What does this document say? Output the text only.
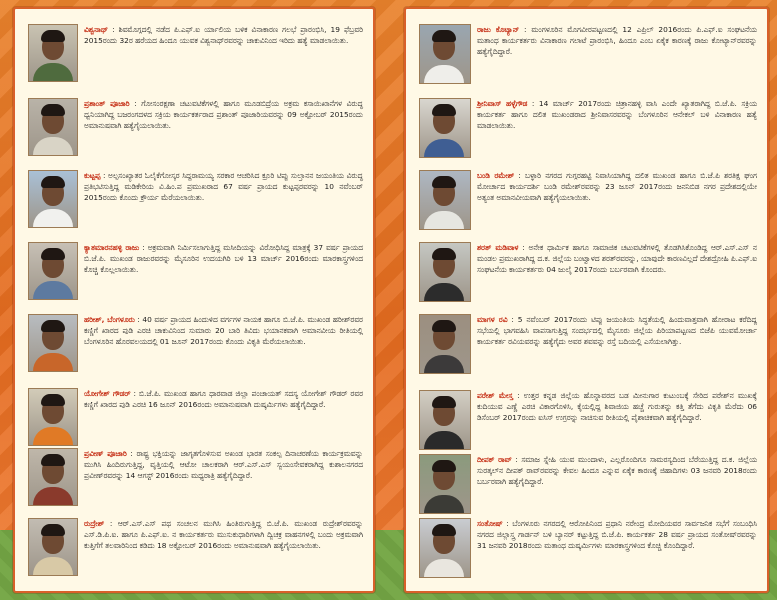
ವಿಶ್ವನಾಥ್ : ಶಿವಮೊಗ್ಗದಲ್ಲಿ ನಡೆದ ಪಿ.ಎಫ್.ಐ ರ್ಯಾಲಿಯ ಬಳಿಕ ವಿನಾಕಾರಣ ಗಲಭೆ ಪ್ರಾರಂಭಿಸಿ, 19 ಫೆಬ್ರವರಿ 2015ರಂದು 32ರ ಹರೆಯದ ಹಿಂದೂ ಯುವಕ ವಿಶ್ವನಾಥ್‌ರವರನ್ನು ಚಾಕುವಿನಿಂದ ಇರಿದು ಹತ್ಯೆ ಮಾಡಲಾಯಿತು.
ಪ್ರಶಾಂತ್ ಪೂಜಾರಿ : ಗೋಸಂರಕ್ಷಣಾ ಚಟುವಟಿಕೆಗಳಲ್ಲಿ ಹಾಗೂ ಮೂಡಬಿದ್ರೆಯ ಅಕ್ರಮ ಕಸಾಯಿಖಾನೆಗಳ ವಿರುದ್ಧ ಧ್ವನಿಯಾಗಿದ್ದ ಬಜರಂಗದಳದ ಸಕ್ರಿಯ ಕಾರ್ಯಕರ್ತರಾದ ಪ್ರಶಾಂತ್ ಪೂಜಾರಿಯವರನ್ನು 09 ಅಕ್ಟೋಬರ್ 2015ರಂದು ಅಮಾನುಷವಾಗಿ ಹತ್ಯೆಗೈಯಲಾಯಿತು.
ಕುಟ್ಟಪ್ಪ : ಅಲ್ಪಸಂಖ್ಯಾತರ ಓಲೈಕೆಗೋಸ್ಕರ ಸಿದ್ದರಾಮಯ್ಯ ಸರಕಾರ ಆಚರಿಸಿದ ಕ್ರೂರಿ ಟಿಪ್ಪು ಸುಲ್ತಾನನ ಜಯಂತಿಯ ವಿರುದ್ಧ ಪ್ರತಿಭಟಿಸುತ್ತಿದ್ದ ಮಡಿಕೇರಿಯ ವಿ.ಹಿಂ.ಪ ಪ್ರಮುಖರಾದ 67 ವರ್ಷ ಪ್ರಾಯದ ಕುಟ್ಟಪ್ಪರವರನ್ನು 10 ನವೆಂಬರ್ 2015ರಂದು ಕೊಂದು ಕ್ರೌರ್ಯ ಮೆರೆಯಲಾಯಿತು.
ಕ್ಯಾತಮಾರನಹಳ್ಳಿ ರಾಜು : ಅಕ್ರಮವಾಗಿ ನಿರ್ಮಿಸಲಾಗುತ್ತಿದ್ದ ಮಸೀದಿಯನ್ನು ವಿರೋಧಿಸಿದ್ದ ಮಾತ್ರಕ್ಕೆ 37 ವರ್ಷ ಪ್ರಾಯದ ಬಿ.ಜೆ.ಪಿ. ಮುಖಂಡ ರಾಜುರವರನ್ನು ಮೈಸೂರಿನ ಉದಯಗಿರಿ ಬಳಿ 13 ಮಾರ್ಚ್ 2016ರಂದು ಮಾರಕಾಸ್ತ್ರಗಳಿಂದ ಕೊಚ್ಚಿ ಕೊಲ್ಲಲಾಯಿತು.
ಹರೀಶ್, ಬೆಂಗಳೂರು : 40 ವರ್ಷ ಪ್ರಾಯದ ಹಿಂದುಳಿದ ವರ್ಗಗಳ ನಾಯಕ ಹಾಗೂ ಬಿ.ಜೆ.ಪಿ. ಮುಖಂಡ ಹರೀಶ್‌ರವರ ಕಣ್ಣಿಗೆ ಖಾರದ ಪುಡಿ ಎರಚಿ ಚಾಕುವಿನಿಂದ ಸುಮಾರು 20 ಬಾರಿ ತಿವಿದು ಭಯಾನಕವಾಗಿ ಅಮಾನವೀಯ ರೀತಿಯಲ್ಲಿ ಬೆಂಗಳೂರಿನ ಹೊರವಲಯದಲ್ಲಿ 01 ಜೂನ್ 2017ರಂದು ಕೊಂದು ವಿಕೃತಿ ಮೆರೆಯಲಾಯಿತು.
ಯೋಗೇಶ್ ಗೌಡರ್ : ಬಿ.ಜೆ.ಪಿ. ಮುಖಂಡ ಹಾಗೂ ಧಾರವಾಡ ಜಿಲ್ಲಾ ಪಂಚಾಯತ್ ಸದಸ್ಯ ಯೋಗೇಶ್ ಗೌಡರ್ ರವರ ಕಣ್ಣಿಗೆ ಖಾರದ ಪುಡಿ ಎರಚಿ 16 ಜೂನ್ 2016ರಂದು ಅಮಾನುಷವಾಗಿ ದುಷ್ಕರ್ಮಿಗಳು ಹತ್ಯೆಗೈದಿದ್ದಾರೆ.
ಪ್ರವೀಣ್ ಪೂಜಾರಿ : ರಾಷ್ಟ್ರ ಭಕ್ತಿಯನ್ನು ಜಾಗೃತಗೊಳಿಸುವ ಅಖಂಡ ಭಾರತ ಸಂಕಲ್ಪ ದಿನಾಚರಣೆಯ ಕಾರ್ಯಕ್ರಮವನ್ನು ಮುಗಿಸಿ ಹಿಂದಿರುಗುತ್ತಿದ್ದ, ವೃತ್ತಿಯಲ್ಲಿ ಆಟೋ ಚಾಲಕರಾಗಿ ಆರ್.ಎಸ್.ಎಸ್ ಸ್ವಯಂಸೇವಕರಾಗಿದ್ದ ಕುಶಾಲನಗರದ ಪ್ರವೀಣ್‌ರವರನ್ನು 14 ಆಗಸ್ಟ್ 2016ರಂದು ಮಧ್ಯರಾತ್ರಿ ಹತ್ಯೆಗೈದಿದ್ದಾರೆ.
ರುದ್ರೇಶ್ : ಆರ್.ಎಸ್.ಎಸ್ ಪಥ ಸಂಚಲನ ಮುಗಿಸಿ ಹಿಂತಿರುಗುತ್ತಿದ್ದ ಬಿ.ಜೆ.ಪಿ. ಮುಖಂಡ ರುದ್ರೇಶ್‌ರವರನ್ನು ಎಸ್.ಡಿ.ಪಿ.ಐ. ಹಾಗೂ ಪಿ.ಎಫ್.ಐ. ನ ಕಾರ್ಯಕರ್ತರು ಮುಸುಕುಧಾರಿಗಳಾಗಿ ದ್ವಿಚಕ್ರ ವಾಹನಗಳಲ್ಲಿ ಬಂದು ಅಕ್ರಮವಾಗಿ ಕುತ್ತಿಗೆಗೆ ತಲವಾರಿನಿಂದ ಕಡಿದು 18 ಅಕ್ಟೋಬರ್ 2016ರಂದು ಅಮಾನುಷವಾಗಿ ಹತ್ಯೆಗೈಯಲಾಯಿತು.
ರಾಜು ಕೊಟ್ಯಾನ್ : ಮಂಗಳೂರಿನ ಮೊಗವೀರಪಟ್ಟಣದಲ್ಲಿ 12 ಎಪ್ರಿಲ್ 2016ರಂದು ಪಿ.ಎಫ್.ಐ ಸಂಘಟನೆಯ ಮತಾಂಧ ಕಾರ್ಯಕರ್ತರು ವಿನಾಕಾರಣ ಗಲಾಟೆ ಪ್ರಾರಂಭಿಸಿ, ಹಿಂದೂ ಎಂಬ ಏಕೈಕ ಕಾರಣಕ್ಕೆ ರಾಜು ಕೋಟ್ಯಾನ್‌ರವರನ್ನು ಹತ್ಯೆಗೈದಿದ್ದಾರೆ.
ಶ್ರೀನಿವಾಸ್ ಹಳ್ಳೆಗೌಡ : 14 ಮಾರ್ಚ್ 2017ರಂದು ಚಿತ್ರಾನಹಳ್ಳಿ ವಾಸಿ ಎಂದೇ ಖ್ಯಾತರಾಗಿದ್ದ ಬಿ.ಜೆ.ಪಿ. ಸಕ್ರಿಯ ಕಾರ್ಯಕರ್ತ ಹಾಗೂ ದಲಿತ ಮುಖಂಡರಾದ ಶ್ರೀನಿವಾಸರವರನ್ನು ಬೆಂಗಳೂರಿನ ಆನೇಕಲ್ ಬಳಿ ವಿನಾಕಾರಣ ಹತ್ಯೆ ಮಾಡಲಾಯಿತು.
ಬಂಡಿ ರಮೇಶ್ : ಬಳ್ಳಾರಿ ನಗರದ ಗುಗ್ಗರಹಟ್ಟಿ ನಿವಾಸಿಯಾಗಿದ್ದ ದಲಿತ ಮುಖಂಡ ಹಾಗೂ ಬಿ.ಜೆ.ಪಿ ಶರತಿಕ್ಷ ಘಂಗ ಮೋರ್ಚಾದ ಕಾರ್ಯದರ್ಶಿ ಬಂಡಿ ರಮೇಶ್‌ರವರನ್ನು 23 ಜೂನ್ 2017ರಂದು ಜನನಿಬಿಡ ನಗರ ಪ್ರದೇಶದಲ್ಲಿಯೇ ಅತ್ಯಂತ ಅಮಾನವೀಯವಾಗಿ ಹತ್ಯೆಗೈಯಲಾಯಿತು.
ಶರತ್ ಮಡಿವಾಳ : ಅನೇಕ ಧಾರ್ಮಿಕ ಹಾಗೂ ಸಾಮಾಜಿಕ ಚಟುವಟಿಕೆಗಳಲ್ಲಿ ತೊಡಗಿಸಿಕೊಂಡಿದ್ದ ಆರ್.ಎಸ್.ಎಸ್ ನ ಮಂಡಲ ಪ್ರಮುಖರಾಗಿದ್ದ ದ.ಕ. ಜಿಲ್ಲೆಯ ಬಂಟ್ವಾಳದ ಶರತ್‌ರವರನ್ನು, ಯಾವುದೇ ಕಾರಣವಿಲ್ಲದೆ ದೇಶದ್ರೋಹಿ ಪಿ.ಎಫ್.ಐ ಸಂಘಟನೆಯ ಕಾರ್ಯಕರ್ತರು 04 ಜುಲೈ 2017ರಂದು ಬರ್ಬರವಾಗಿ ಕೊಂದರು.
ಮಾಗಳ ರವಿ : 5 ನವೆಂಬರ್ 2017ರಂದು ಟಿಪ್ಪು ಜಯಂತಿಯ ಸಿದ್ಧತೆಯಲ್ಲಿ ಹಿಂದುವಾತ್ತವಾಗಿ ಹೋರಾಟ ಕರೆದಿದ್ದ ಸಭೆಯಲ್ಲಿ ಭಾಗವಹಿಸಿ ವಾಪಸಾಗುತ್ತಿದ್ದ ಸಂದರ್ಭದಲ್ಲಿ ಮೈಸೂರು ಜಿಲ್ಲೆಯ ಪಿರಿಯಾಪಟ್ಟಣದ ಬಿಜೆಪಿ ಯುವಮೋರ್ಚಾ ಕಾರ್ಯಕರ್ತ ರವಿಯವರನ್ನು ಹತ್ಯೆಗೈದು ಅವರ ಶವವನ್ನು ರಸ್ತೆ ಬದಿಯಲ್ಲಿ ಎಸೆಯಲಾಗಿತ್ತು.
ಪರೇಶ್ ಮೇಸ್ತ : ಉತ್ತರ ಕನ್ನಡ ಜಿಲ್ಲೆಯ ಹೊನ್ನಾವರದ ಬಡ ಮೀನುಗಾರ ಕುಟುಂಬಕ್ಕೆ ಸೇರಿದ ಪರೇಶ್‌ನ ಮುಖಕ್ಕೆ ಕುದಿಯುವ ಎಣ್ಣೆ ಎರಚಿ ವಿಕಾರಗೊಳಿಸಿ, ಕೈಯಲ್ಲಿದ್ದ ಶಿವಾಜಿಯ ಹಚ್ಚೆ ಗುರುತನ್ನು ಕತ್ತಿ ತೆಗೆದು ವಿಕೃತಿ ಮೆರೆದು 06 ಡಿಸೆಂಬರ್ 2017ರಂದು ಐಸಿಸ್ ಉಗ್ರರನ್ನು ನಾಚಿಸುವ ರೀತಿಯಲ್ಲಿ ಪೈಶಾಚಿಕವಾಗಿ ಹತ್ಯೆಗೈದಿದ್ದಾರೆ.
ದೀಪಕ್ ರಾವ್ : ಸಮಾಜ ಸ್ನೇಹಿ ಯುವ ಮುಂದಾಳು, ಎಲ್ಲರೊಂದಿಗೂ ಸಾಮರಸ್ಯದಿಂದ ಬೆರೆಯುತ್ತಿದ್ದ ದ.ಕ. ಜಿಲ್ಲೆಯ ಸುರತ್ಕಲ್‌ನ ದೀಪಕ್ ರಾವ್‌ರವರನ್ನು ಕೇವಲ ಹಿಂದೂ ಎನ್ನುವ ಏಕೈಕ ಕಾರಣಕ್ಕೆ ಜಿಹಾದಿಗಳು 03 ಜನವರಿ 2018ರಂದು ಬರ್ಬರವಾಗಿ ಹತ್ಯೆಗೈದಿದ್ದಾರೆ.
ಸಂತೋಷ್ : ಬೆಂಗಳೂರು ನಗರದಲ್ಲಿ ಆರೋಪಿನಿಂದ ಪ್ರಧಾನಿ ನರೇಂದ್ರ ಮೋದಿಯವರ ಸಾರ್ವಜನಿಕ ಸಭೆಗೆ ಸಂಬಂಧಿಸಿ ನಗರದ ಜಿಲ್ಲಾಸ್ತ್ರ ಗಾರ್ಡನ್ ಬಳಿ ಬ್ಯಾನರ್ ಕಟ್ಟುತ್ತಿದ್ದ ಬಿ.ಜೆ.ಪಿ. ಕಾರ್ಯಕರ್ತ 28 ವರ್ಷ ಪ್ರಾಯದ ಸಂತೋಷ್‌ರವರನ್ನು 31 ಜನವರಿ 2018ರಂದು ಮತಾಂಧ ದುಷ್ಕರ್ಮಿಗಳು ಮಾರಕಾಸ್ತ್ರಗಳಿಂದ ಕೊಚ್ಚಿ ಕೊಂದಿದ್ದಾರೆ.
